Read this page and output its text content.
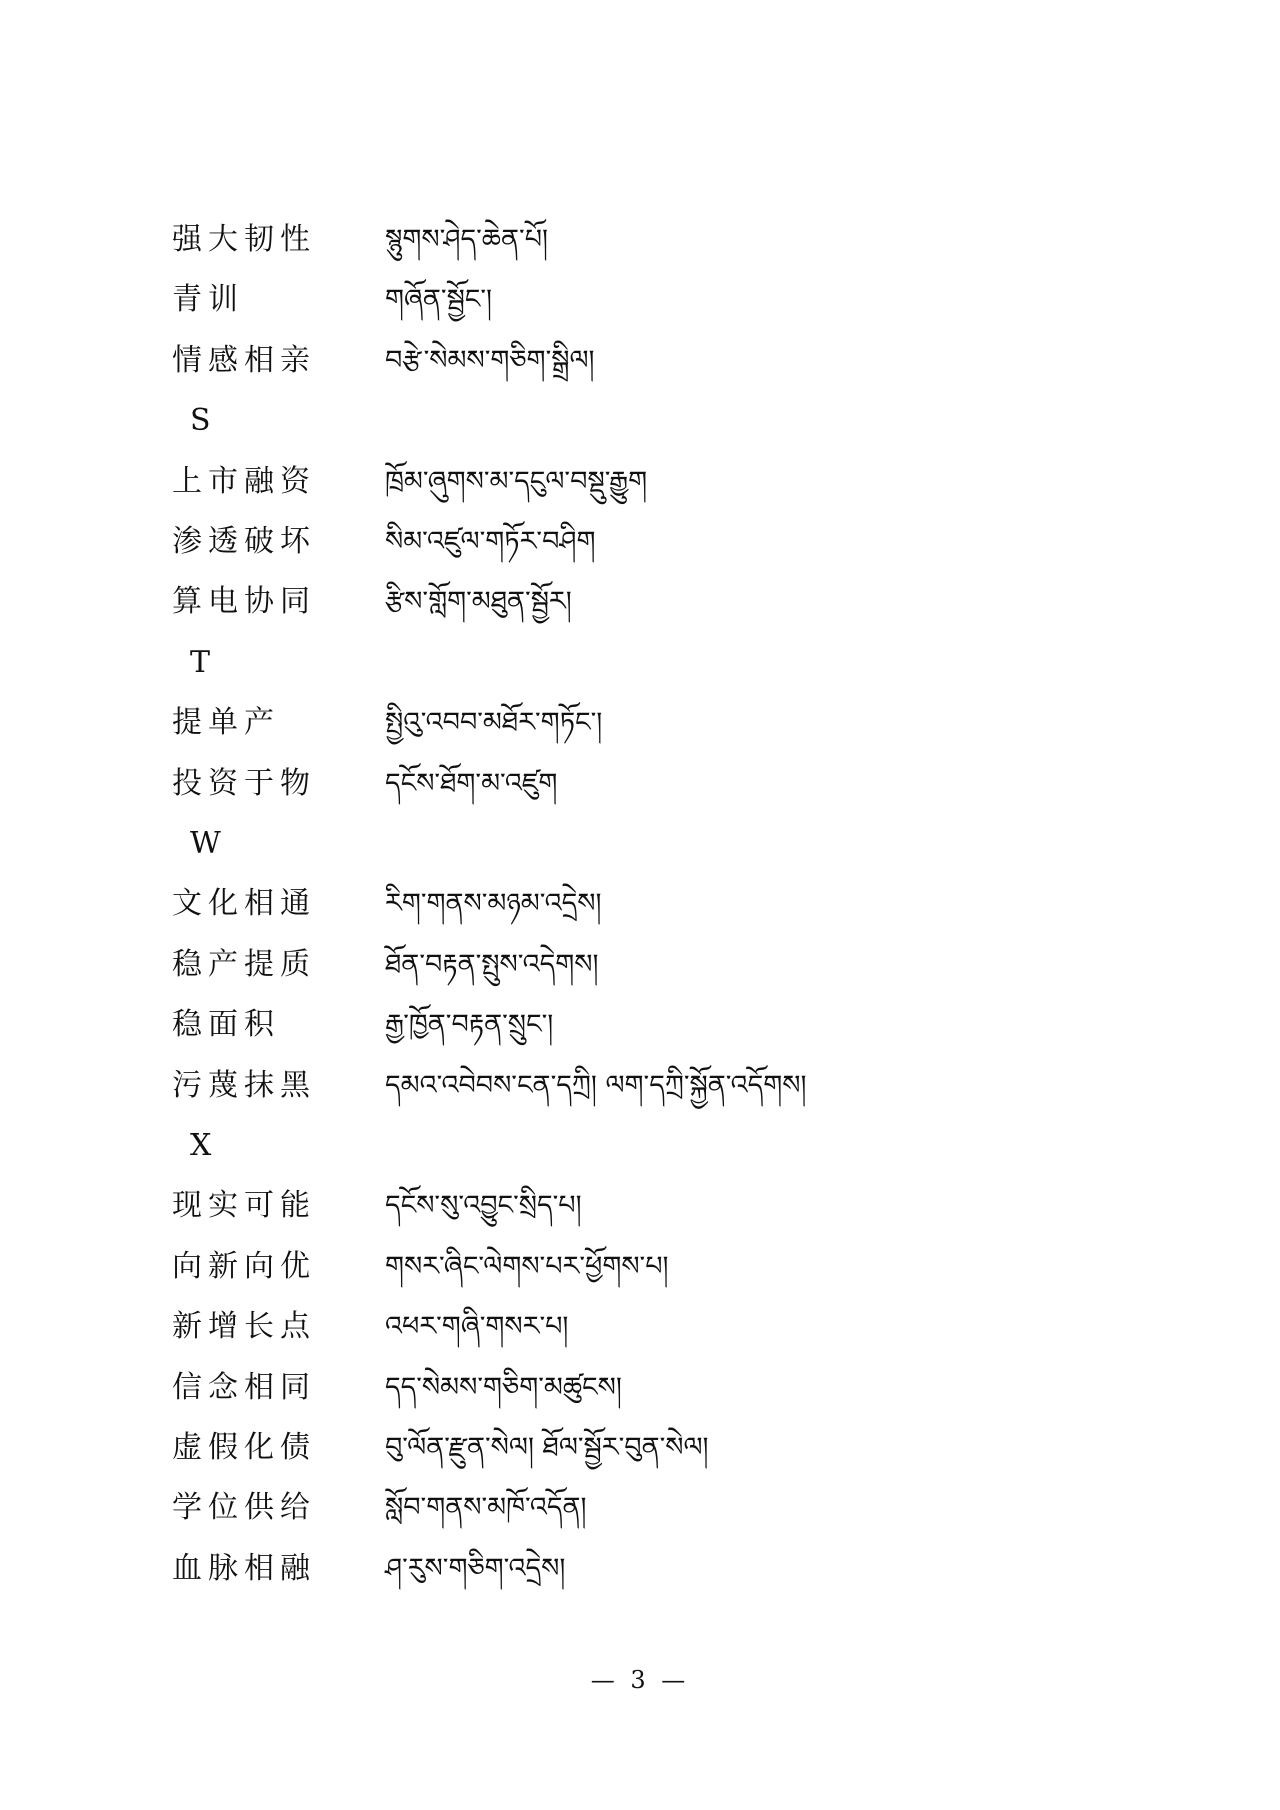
强大韧性	སྙུགས་ཤེད་ཆེན་པོ།
青训	གཞོན་སྦྱོང་།
情感相亲	བརྩེ་སེམས་གཅིག་སྒྲིལ།
S
上市融资	ཁྲོམ་ཞུགས་མ་དངུལ་བསྡུ་རྒྱུག
渗透破坏	སིམ་འཛུལ་གཏོར་བཤིག
算电协同	རྩིས་གློག་མཐུན་སྦྱོར།
T
提单产	སྤྱིའུ་འབབ་མཐོར་གཏོང་།
投资于物	དངོས་ཐོག་མ་འཛུག
W
文化相通	རིག་གནས་མཉམ་འདྲེས།
稳产提质	ཐོན་བརྟན་སྤུས་འདེགས།
稳面积	རྒྱ་ཁྱོན་བརྟན་སྲུང་།
污蔑抹黑	དམའ་འབེབས་ངན་དཀྲི། ལག་དཀྲི་སྐྱོན་འདོགས།
X
现实可能	དངོས་སུ་འབྱུང་སྲིད་པ།
向新向优	གསར་ཞིང་ལེགས་པར་ཕྱོགས་པ།
新增长点	འཕར་གཞི་གསར་པ།
信念相同	དད་སེམས་གཅིག་མཚུངས།
虚假化债	བུ་ལོན་རྫུན་སེལ། ཐོལ་སྦྱོར་བུན་སེལ།
学位供给	སློབ་གནས་མཁོ་འདོན།
血脉相融	ཤ་རུས་གཅིག་འདྲེས།
— 3 —
